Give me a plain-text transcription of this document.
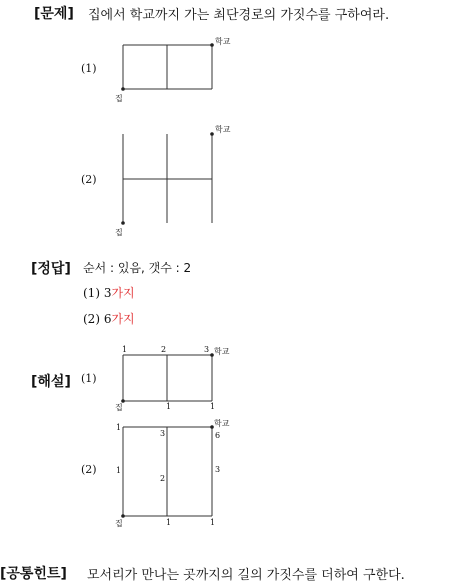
[문제] 집에서 학교까지 가는 최단경로의 가짓수를 구하여라.
(1)
학교
집
(2)
학교
집
[정답] 순서 : 있음, 갯수 : 2
(1) 3가지
(2) 6가지
[해설] (1)
1	2	3 학교
집	1	1
(2)
학교
1
1
3
2
6
3
집	1	1
[공통힌트] 모서리가 만나는 곳까지의 길의 가짓수를 더하여 구한다.
